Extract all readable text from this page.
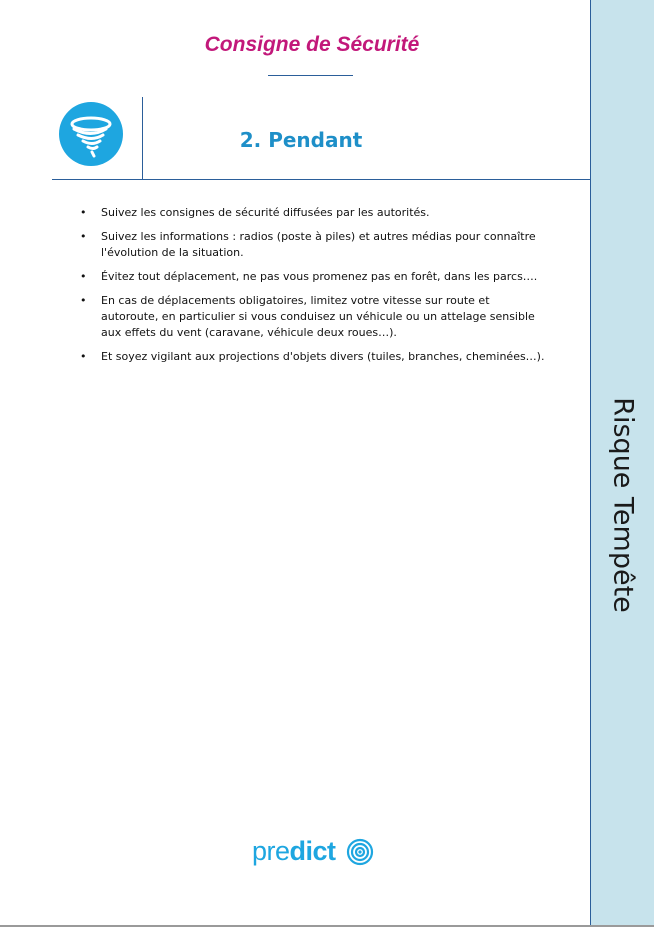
Consigne de Sécurité
2. Pendant
• Suivez les consignes de sécurité diffusées par les autorités.
• Suivez les informations : radios (poste à piles) et autres médias pour connaître l'évolution de la situation.
• Évitez tout déplacement, ne pas vous promenez pas en forêt, dans les parcs….
• En cas de déplacements obligatoires, limitez votre vitesse sur route et autoroute, en particulier si vous conduisez un véhicule ou un attelage sensible aux effets du vent (caravane, véhicule deux roues…).
• Et soyez vigilant aux projections d'objets divers (tuiles, branches, cheminées…).
predict
Risque Tempête
